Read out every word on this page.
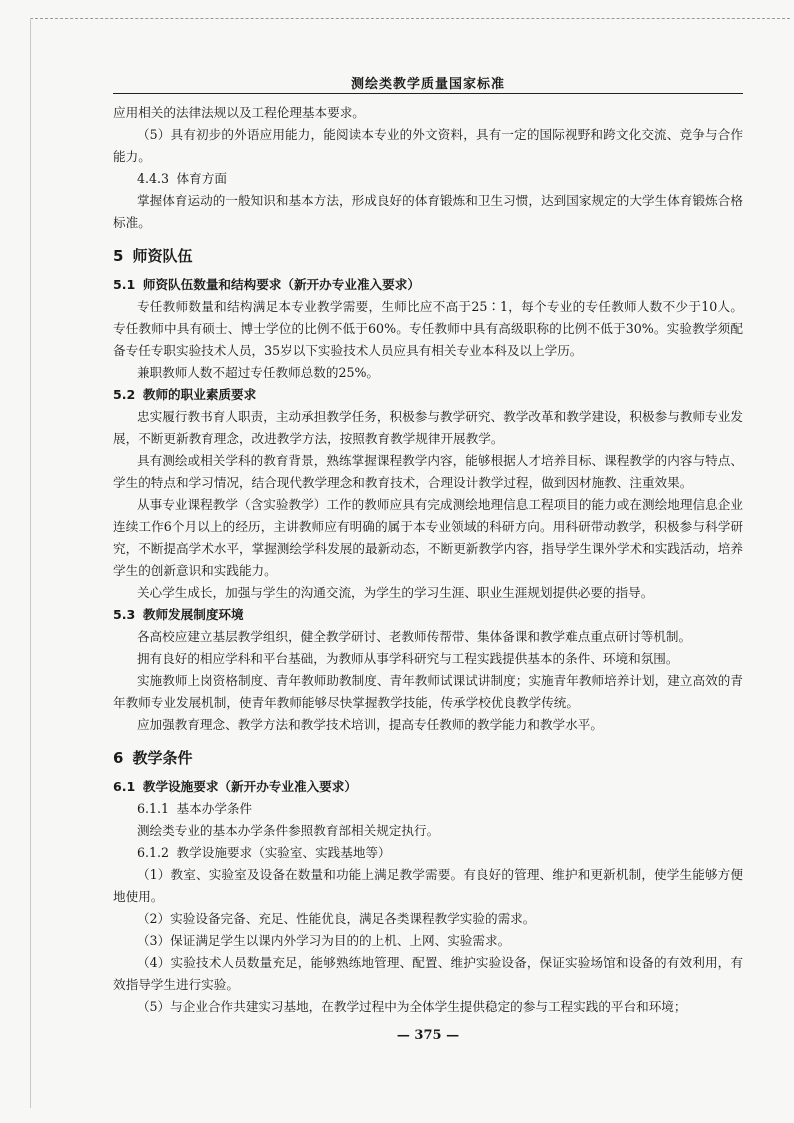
测绘类教学质量国家标准

应用相关的法律法规以及工程伦理基本要求。

（5）具有初步的外语应用能力，能阅读本专业的外文资料，具有一定的国际视野和跨文化交流、竞争与合作能力。

4.4.3 体育方面

掌握体育运动的一般知识和基本方法，形成良好的体育锻炼和卫生习惯，达到国家规定的大学生体育锻炼合格标准。

5 师资队伍

5.1 师资队伍数量和结构要求（新开办专业准入要求）

专任教师数量和结构满足本专业教学需要，生师比应不高于25∶1，每个专业的专任教师人数不少于10人。专任教师中具有硕士、博士学位的比例不低于60%。专任教师中具有高级职称的比例不低于30%。实验教学须配备专任专职实验技术人员，35岁以下实验技术人员应具有相关专业本科及以上学历。

兼职教师人数不超过专任教师总数的25%。

5.2 教师的职业素质要求

忠实履行教书育人职责，主动承担教学任务，积极参与教学研究、教学改革和教学建设，积极参与教师专业发展，不断更新教育理念，改进教学方法，按照教育教学规律开展教学。

具有测绘或相关学科的教育背景，熟练掌握课程教学内容，能够根据人才培养目标、课程教学的内容与特点、学生的特点和学习情况，结合现代教学理念和教育技术，合理设计教学过程，做到因材施教、注重效果。

从事专业课程教学（含实验教学）工作的教师应具有完成测绘地理信息工程项目的能力或在测绘地理信息企业连续工作6个月以上的经历，主讲教师应有明确的属于本专业领域的科研方向。用科研带动教学，积极参与科学研究，不断提高学术水平，掌握测绘学科发展的最新动态，不断更新教学内容，指导学生课外学术和实践活动，培养学生的创新意识和实践能力。

关心学生成长，加强与学生的沟通交流，为学生的学习生涯、职业生涯规划提供必要的指导。

5.3 教师发展制度环境

各高校应建立基层教学组织，健全教学研讨、老教师传帮带、集体备课和教学难点重点研讨等机制。

拥有良好的相应学科和平台基础，为教师从事学科研究与工程实践提供基本的条件、环境和氛围。

实施教师上岗资格制度、青年教师助教制度、青年教师试课试讲制度；实施青年教师培养计划，建立高效的青年教师专业发展机制，使青年教师能够尽快掌握教学技能，传承学校优良教学传统。

应加强教育理念、教学方法和教学技术培训，提高专任教师的教学能力和教学水平。

6 教学条件

6.1 教学设施要求（新开办专业准入要求）

6.1.1 基本办学条件

测绘类专业的基本办学条件参照教育部相关规定执行。

6.1.2 教学设施要求（实验室、实践基地等）

（1）教室、实验室及设备在数量和功能上满足教学需要。有良好的管理、维护和更新机制，使学生能够方便地使用。

（2）实验设备完备、充足、性能优良，满足各类课程教学实验的需求。

（3）保证满足学生以课内外学习为目的的上机、上网、实验需求。

（4）实验技术人员数量充足，能够熟练地管理、配置、维护实验设备，保证实验场馆和设备的有效利用，有效指导学生进行实验。

（5）与企业合作共建实习基地，在教学过程中为全体学生提供稳定的参与工程实践的平台和环境；

— 375 —
